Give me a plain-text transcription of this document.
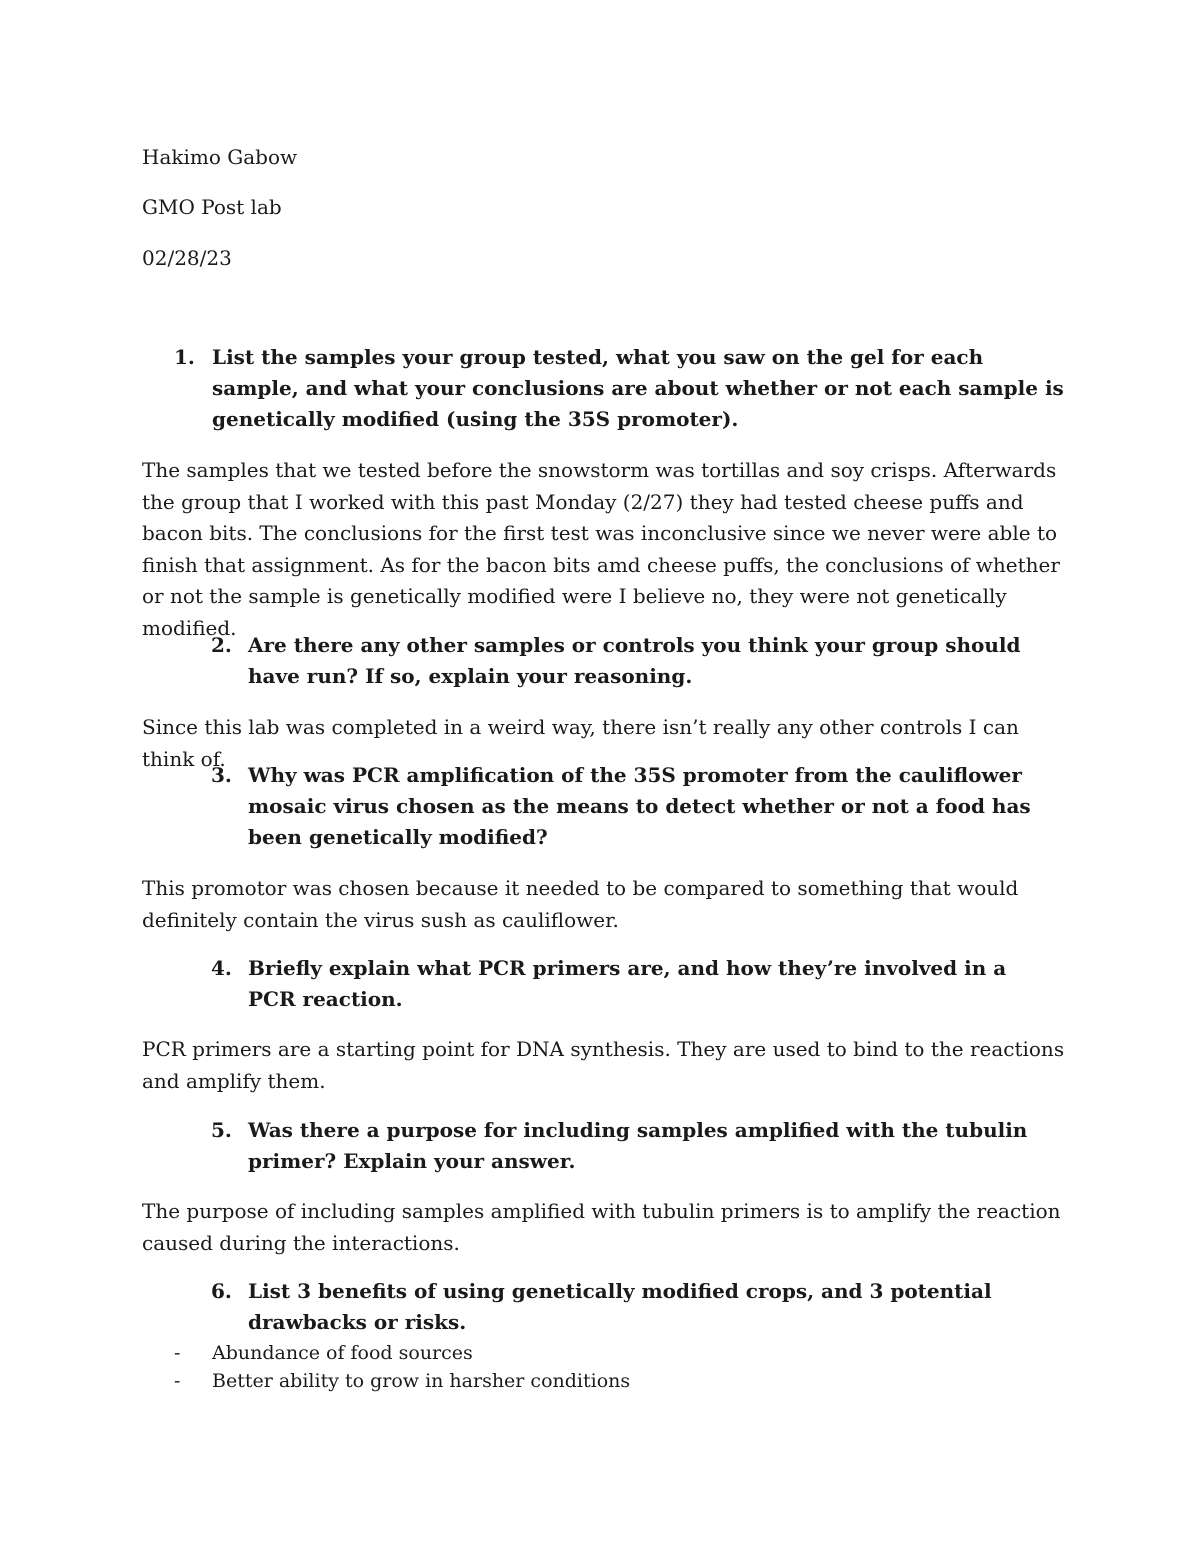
Hakimo Gabow
GMO Post lab
02/28/23
1. List the samples your group tested, what you saw on the gel for each sample, and what your conclusions are about whether or not each sample is genetically modified (using the 35S promoter).
The samples that we tested before the snowstorm was tortillas and soy crisps. Afterwards the group that I worked with this past Monday (2/27) they had tested cheese puffs and bacon bits. The conclusions for the first test was inconclusive since we never were able to finish that assignment. As for the bacon bits amd cheese puffs, the conclusions of whether or not the sample is genetically modified were I believe no, they were not genetically modified.
2. Are there any other samples or controls you think your group should have run? If so, explain your reasoning.
Since this lab was completed in a weird way, there isn’t really any other controls I can think of.
3. Why was PCR amplification of the 35S promoter from the cauliflower mosaic virus chosen as the means to detect whether or not a food has been genetically modified?
This promotor was chosen because it needed to be compared to something that would definitely contain the virus sush as cauliflower.
4. Briefly explain what PCR primers are, and how they’re involved in a PCR reaction.
PCR primers are a starting point for DNA synthesis. They are used to bind to the reactions and amplify them.
5. Was there a purpose for including samples amplified with the tubulin primer? Explain your answer.
The purpose of including samples amplified with tubulin primers is to amplify the reaction caused during the interactions.
6. List 3 benefits of using genetically modified crops, and 3 potential drawbacks or risks.
- Abundance of food sources
- Better ability to grow in harsher conditions
